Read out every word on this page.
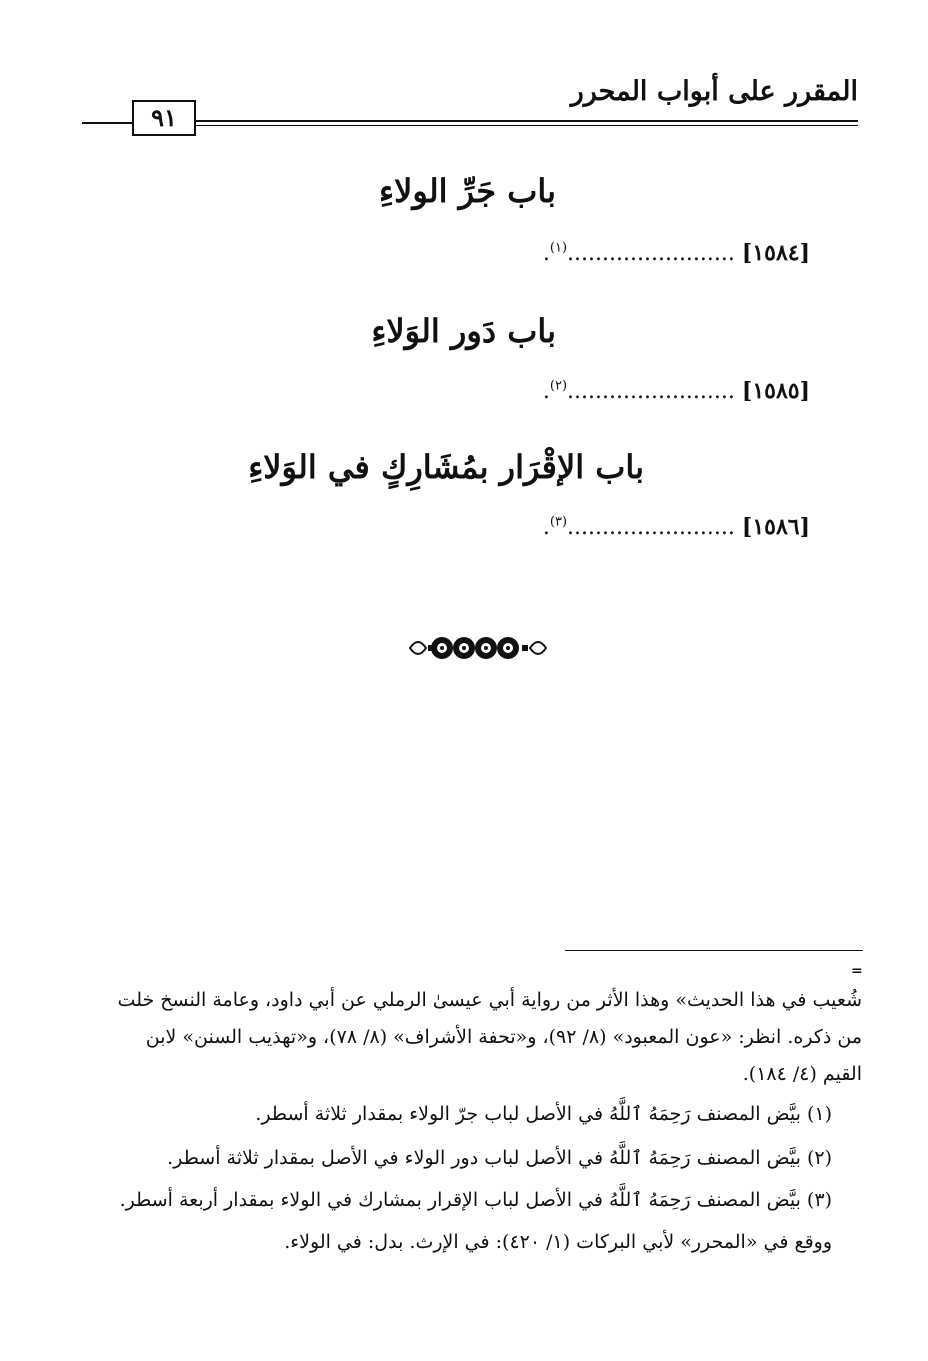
المقرر على أبواب المحرر
٩١
باب جَرِّ الولاءِ
[١٥٨٤] ........................$^{(١)}$.
باب دَور الوَلاءِ
[١٥٨٥] ........................$^{(٢)}$.
باب الإقْرَار بمُشَارِكٍ في الوَلاءِ
[١٥٨٦] ........................$^{(٣)}$.
=
شُعيب في هذا الحديث» وهذا الأثر من رواية أبي عيسىٰ الرملي عن أبي داود، وعامة النسخ خلت
من ذكره. انظر: «عون المعبود» (٨/ ٩٢)، و«تحفة الأشراف» (٨/ ٧٨)، و«تهذيب السنن» لابن
القيم (٤/ ١٨٤).
(١) بيَّض المصنف رَحِمَهُ ٱللَّهُ في الأصل لباب جرّ الولاء بمقدار ثلاثة أسطر.
(٢) بيَّض المصنف رَحِمَهُ ٱللَّهُ في الأصل لباب دور الولاء في الأصل بمقدار ثلاثة أسطر.
(٣) بيَّض المصنف رَحِمَهُ ٱللَّهُ في الأصل لباب الإقرار بمشارك في الولاء بمقدار أربعة أسطر.
ووقع في «المحرر» لأبي البركات (١/ ٤٢٠): في الإرث. بدل: في الولاء.
